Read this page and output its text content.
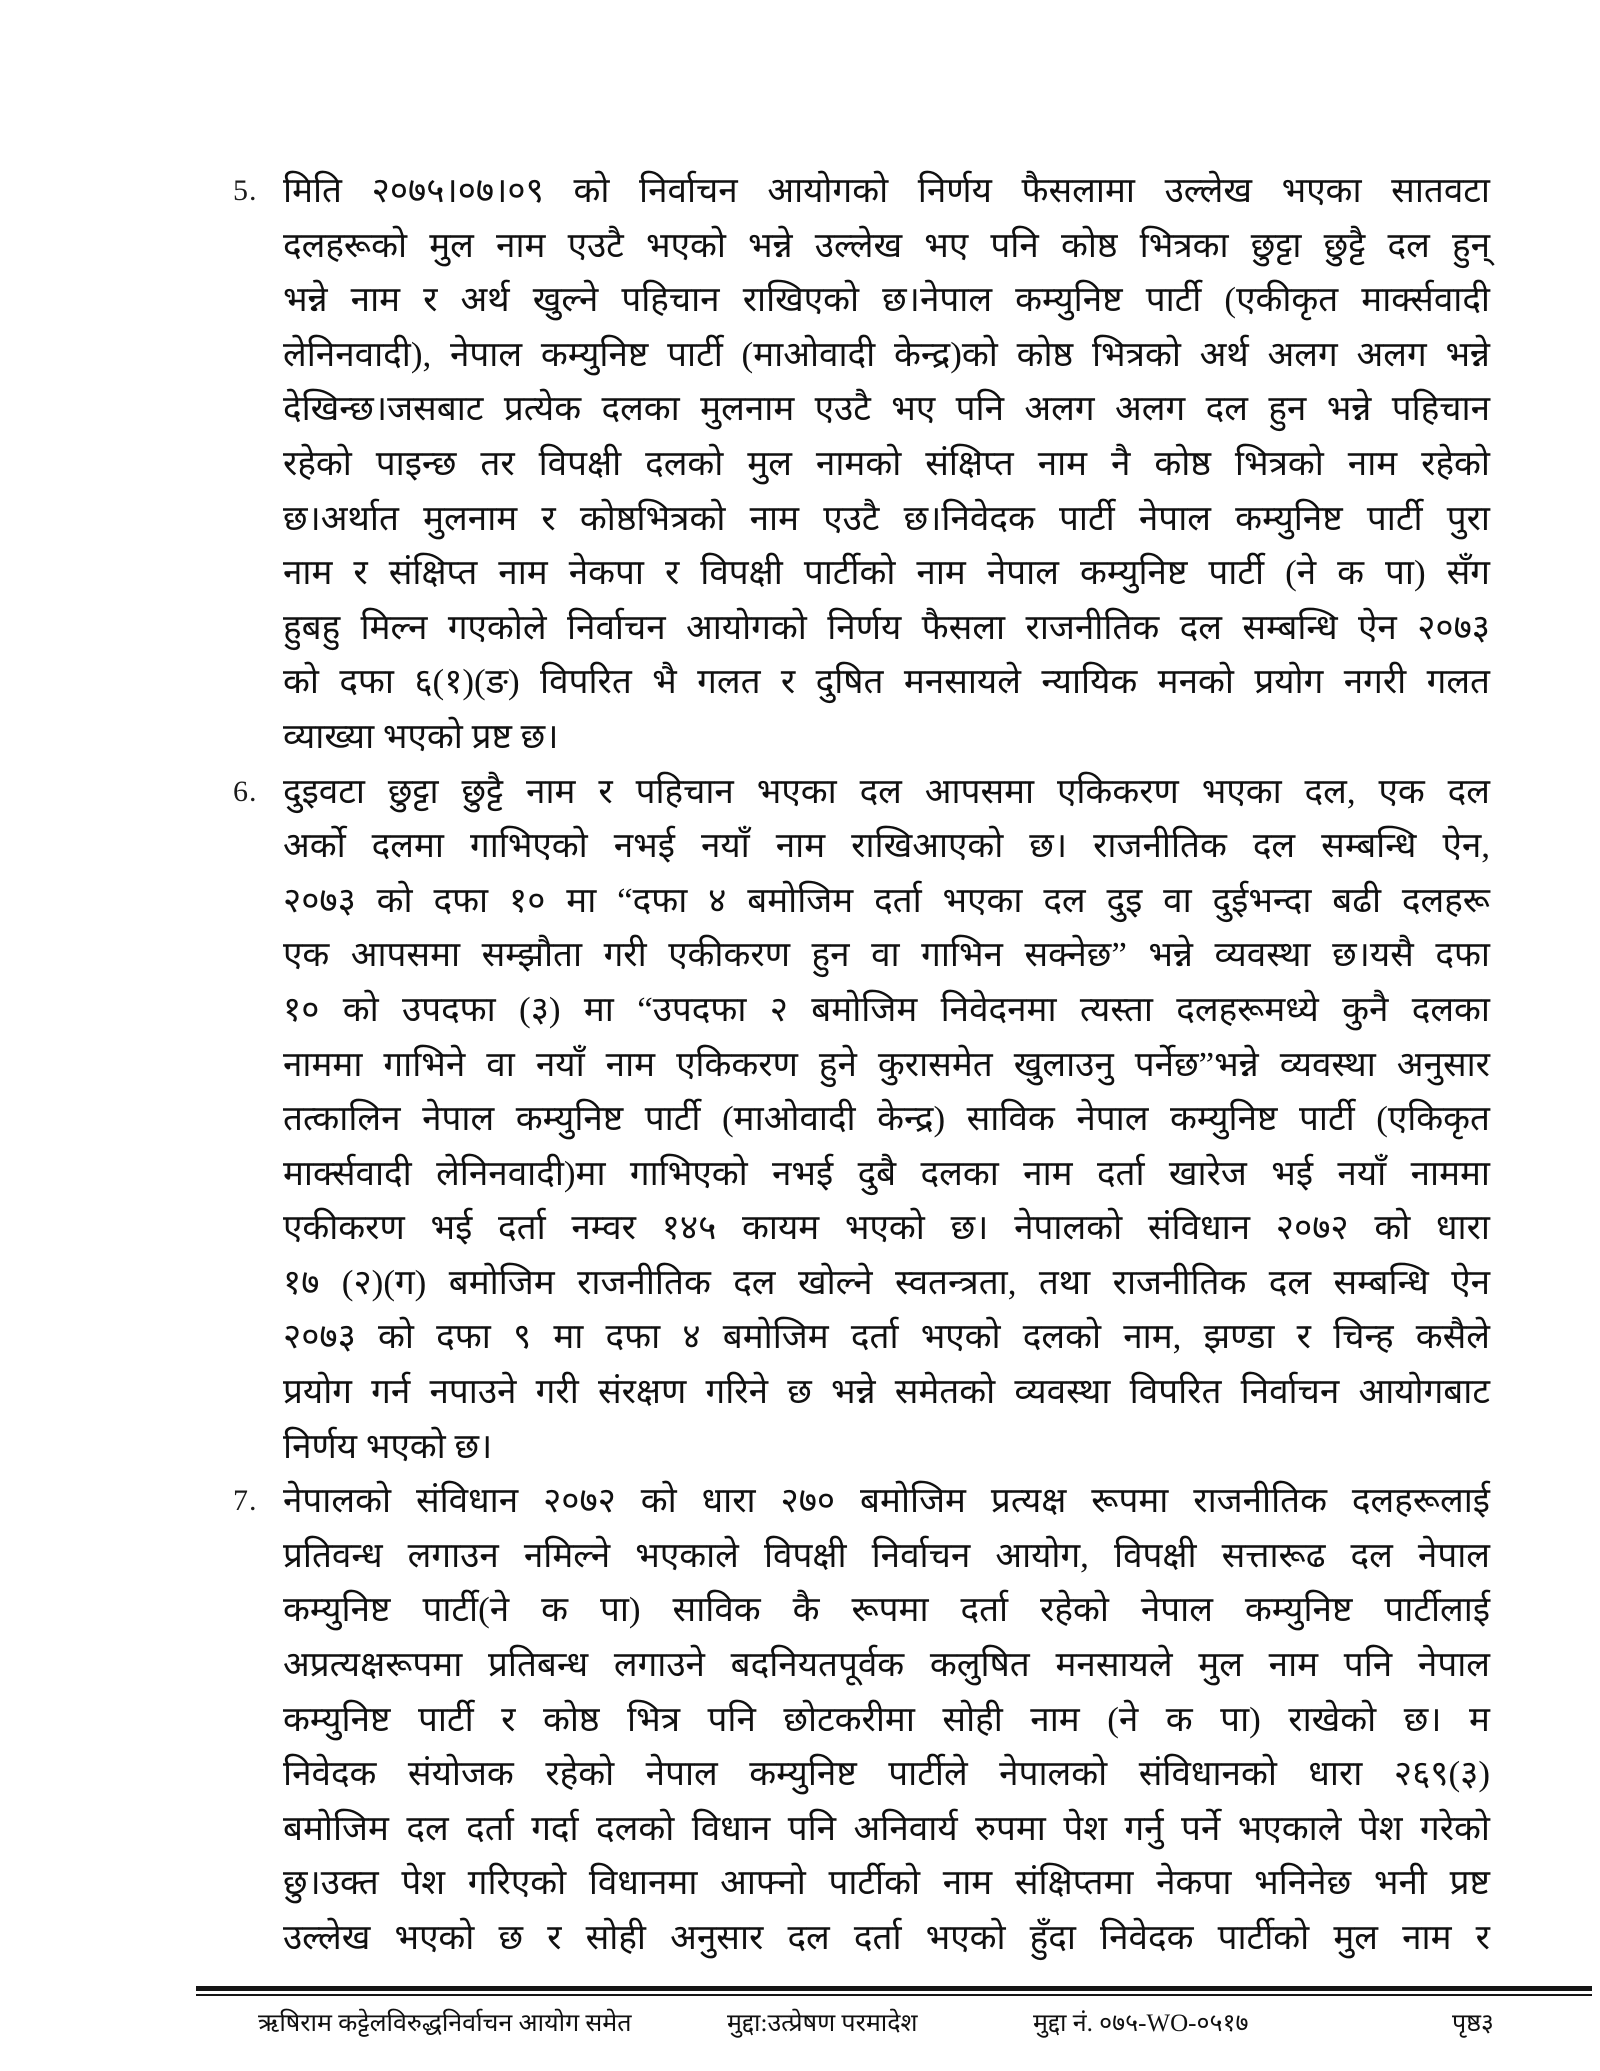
5. मिति २०७५।०७।०९ को निर्वाचन आयोगको निर्णय फैसलामा उल्लेख भएका सातवटा
दलहरूको मुल नाम एउटै भएको भन्ने उल्लेख भए पनि कोष्ठ भित्रका छुट्टा छुट्टै दल हुन्
भन्ने नाम र अर्थ खुल्ने पहिचान राखिएको छ।नेपाल कम्युनिष्ट पार्टी (एकीकृत मार्क्सवादी
लेनिनवादी), नेपाल कम्युनिष्ट पार्टी (माओवादी केन्द्र)को कोष्ठ भित्रको अर्थ अलग अलग भन्ने
देखिन्छ।जसबाट प्रत्येक दलका मुलनाम एउटै भए पनि अलग अलग दल हुन भन्ने पहिचान
रहेको पाइन्छ तर विपक्षी दलको मुल नामको संक्षिप्त नाम नै कोष्ठ भित्रको नाम रहेको
छ।अर्थात मुलनाम र कोष्ठभित्रको नाम एउटै छ।निवेदक पार्टी नेपाल कम्युनिष्ट पार्टी पुरा
नाम र संक्षिप्त नाम नेकपा र विपक्षी पार्टीको नाम नेपाल कम्युनिष्ट पार्टी (ने क पा) सँग
हुबहु मिल्न गएकोले निर्वाचन आयोगको निर्णय फैसला राजनीतिक दल सम्बन्धि ऐन २०७३
को दफा ६(१)(ङ) विपरित भै गलत र दुषित मनसायले न्यायिक मनको प्रयोग नगरी गलत
व्याख्या भएको प्रष्ट छ।
6. दुइवटा छुट्टा छुट्टै नाम र पहिचान भएका दल आपसमा एकिकरण भएका दल, एक दल
अर्को दलमा गाभिएको नभई नयाँ नाम राखिआएको छ। राजनीतिक दल सम्बन्धि ऐन,
२०७३ को दफा १० मा “दफा ४ बमोजिम दर्ता भएका दल दुइ वा दुईभन्दा बढी दलहरू
एक आपसमा सम्झौता गरी एकीकरण हुन वा गाभिन सक्नेछ” भन्ने व्यवस्था छ।यसै दफा
१० को उपदफा (३) मा “उपदफा २ बमोजिम निवेदनमा त्यस्ता दलहरूमध्ये कुनै दलका
नाममा गाभिने वा नयाँ नाम एकिकरण हुने कुरासमेत खुलाउनु पर्नेछ”भन्ने व्यवस्था अनुसार
तत्कालिन नेपाल कम्युनिष्ट पार्टी (माओवादी केन्द्र) साविक नेपाल कम्युनिष्ट पार्टी (एकिकृत
मार्क्सवादी लेनिनवादी)मा गाभिएको नभई दुबै दलका नाम दर्ता खारेज भई नयाँ नाममा
एकीकरण भई दर्ता नम्वर १४५ कायम भएको छ। नेपालको संविधान २०७२ को धारा
१७ (२)(ग) बमोजिम राजनीतिक दल खोल्ने स्वतन्त्रता, तथा राजनीतिक दल सम्बन्धि ऐन
२०७३ को दफा ९ मा दफा ४ बमोजिम दर्ता भएको दलको नाम, झण्डा र चिन्ह कसैले
प्रयोग गर्न नपाउने गरी संरक्षण गरिने छ भन्ने समेतको व्यवस्था विपरित निर्वाचन आयोगबाट
निर्णय भएको छ।
7. नेपालको संविधान २०७२ को धारा २७० बमोजिम प्रत्यक्ष रूपमा राजनीतिक दलहरूलाई
प्रतिवन्ध लगाउन नमिल्ने भएकाले विपक्षी निर्वाचन आयोग, विपक्षी सत्तारूढ दल नेपाल
कम्युनिष्ट पार्टी(ने क पा) साविक कै रूपमा दर्ता रहेको नेपाल कम्युनिष्ट पार्टीलाई
अप्रत्यक्षरूपमा प्रतिबन्ध लगाउने बदनियतपूर्वक कलुषित मनसायले मुल नाम पनि नेपाल
कम्युनिष्ट पार्टी र कोष्ठ भित्र पनि छोटकरीमा सोही नाम (ने क पा) राखेको छ। म
निवेदक संयोजक रहेको नेपाल कम्युनिष्ट पार्टीले नेपालको संविधानको धारा २६९(३)
बमोजिम दल दर्ता गर्दा दलको विधान पनि अनिवार्य रुपमा पेश गर्नु पर्ने भएकाले पेश गरेको
छु।उक्त पेश गरिएको विधानमा आफ्नो पार्टीको नाम संक्षिप्तमा नेकपा भनिनेछ भनी प्रष्ट
उल्लेख भएको छ र सोही अनुसार दल दर्ता भएको हुँदा निवेदक पार्टीको मुल नाम र
ऋषिराम कट्टेलविरुद्धनिर्वाचन आयोग समेत	मुद्दा:उत्प्रेषण परमादेश	मुद्दा नं. ०७५-WO-०५१७	पृष्ठ३
